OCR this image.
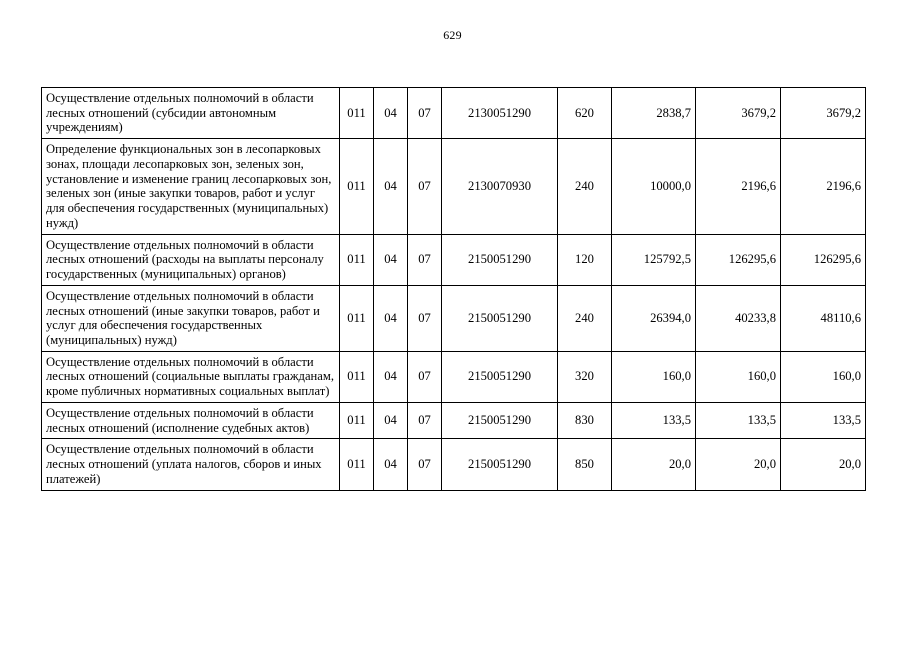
629
Осуществление отдельных полномочий в области лесных отношений (субсидии автономным учреждениям)	011	04	07	2130051290	620	2838,7	3679,2	3679,2
Определение функциональных зон в лесопарковых зонах, площади лесопарковых зон, зеленых зон, установление и изменение границ лесопарковых зон, зеленых зон (иные закупки товаров, работ и услуг для обеспечения государственных (муниципальных) нужд)	011	04	07	2130070930	240	10000,0	2196,6	2196,6
Осуществление отдельных полномочий в области лесных отношений (расходы на выплаты персоналу государственных (муниципальных) органов)	011	04	07	2150051290	120	125792,5	126295,6	126295,6
Осуществление отдельных полномочий в области лесных отношений (иные закупки товаров, работ и услуг для обеспечения государственных (муниципальных) нужд)	011	04	07	2150051290	240	26394,0	40233,8	48110,6
Осуществление отдельных полномочий в области лесных отношений (социальные выплаты гражданам, кроме публичных нормативных социальных выплат)	011	04	07	2150051290	320	160,0	160,0	160,0
Осуществление отдельных полномочий в области лесных отношений (исполнение судебных актов)	011	04	07	2150051290	830	133,5	133,5	133,5
Осуществление отдельных полномочий в области лесных отношений (уплата налогов, сборов и иных платежей)	011	04	07	2150051290	850	20,0	20,0	20,0
